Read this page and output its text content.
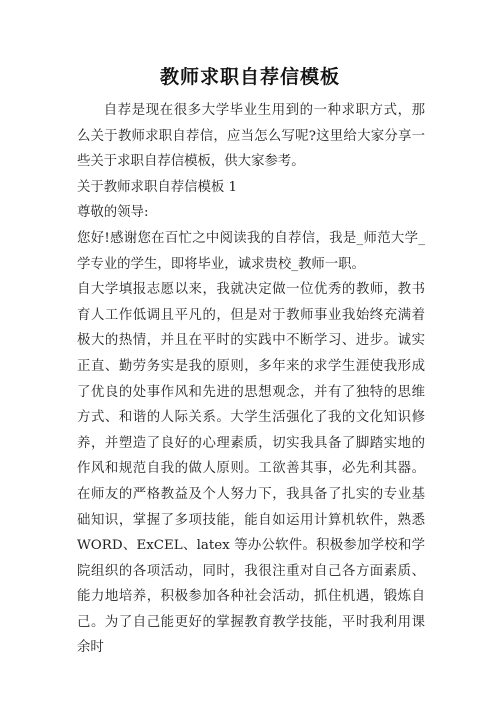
教师求职自荐信模板

自荐是现在很多大学毕业生用到的一种求职方式，那么关于教师求职自荐信，应当怎么写呢?这里给大家分享一些关于求职自荐信模板，供大家参考。

关于教师求职自荐信模板 1

尊敬的领导:

您好!感谢您在百忙之中阅读我的自荐信，我是_师范大学_学专业的学生，即将毕业，诚求贵校_教师一职。

自大学填报志愿以来，我就决定做一位优秀的教师，教书育人工作低调且平凡的，但是对于教师事业我始终充满着极大的热情，并且在平时的实践中不断学习、进步。诚实正直、勤劳务实是我的原则，多年来的求学生涯使我形成了优良的处事作风和先进的思想观念，并有了独特的思维方式、和谐的人际关系。大学生活强化了我的文化知识修养，并塑造了良好的心理素质，切实我具备了脚踏实地的作风和规范自我的做人原则。工欲善其事，必先利其器。在师友的严格教益及个人努力下，我具备了扎实的专业基础知识，掌握了多项技能，能自如运用计算机软件，熟悉WORD、ExCEL、latex 等办公软件。积极参加学校和学院组织的各项活动，同时，我很注重对自己各方面素质、能力地培养，积极参加各种社会活动，抓住机遇，锻炼自己。为了自己能更好的掌握教育教学技能，平时我利用课余时
